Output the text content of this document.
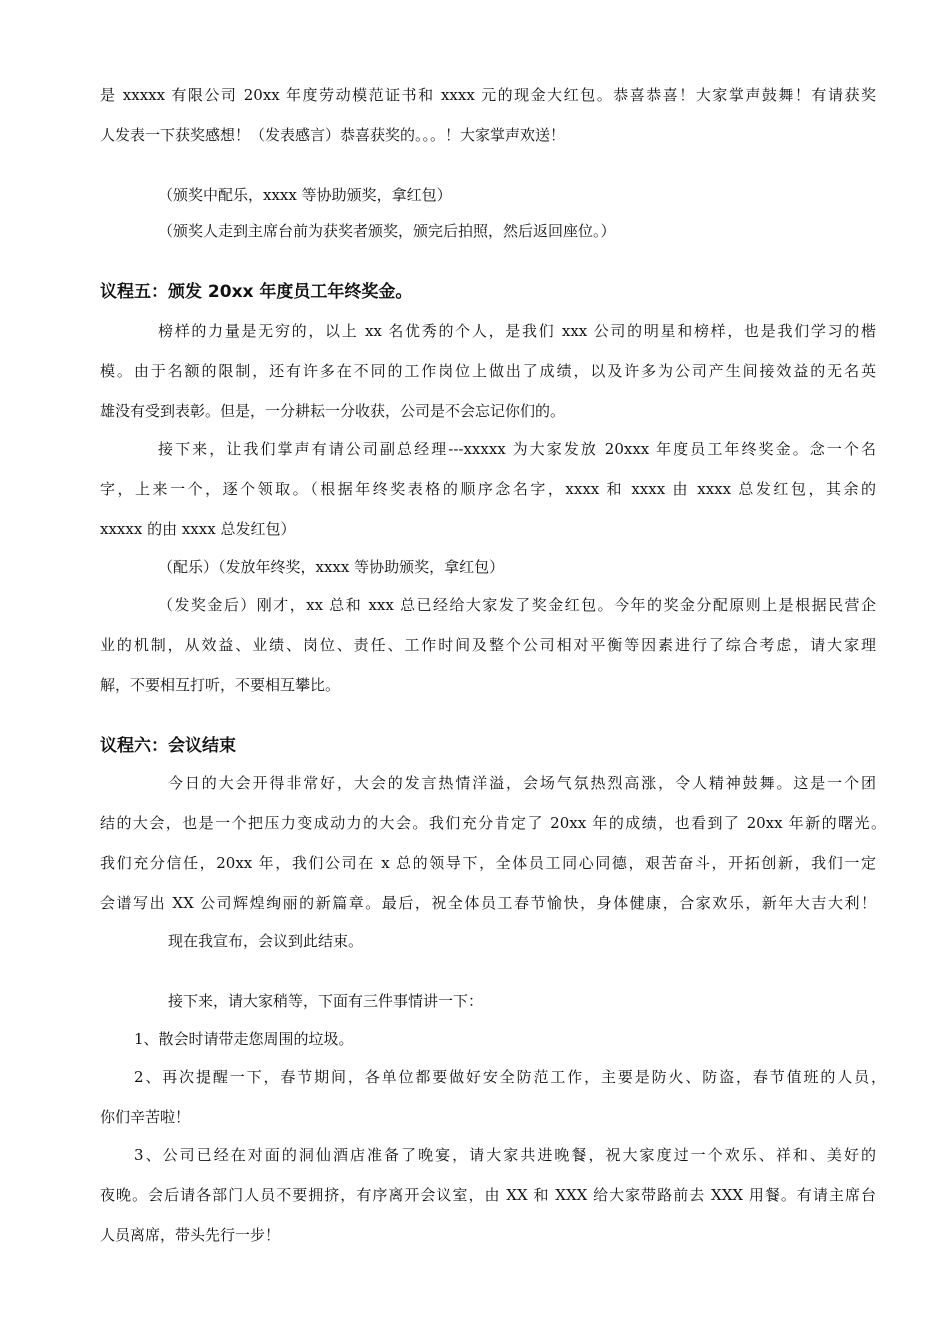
是 xxxxx 有限公司 20xx 年度劳动模范证书和 xxxx 元的现金大红包。恭喜恭喜！大家掌声鼓舞！有请获奖
人发表一下获奖感想！（发表感言）恭喜获奖的。。。！大家掌声欢送！
（颁奖中配乐，xxxx 等协助颁奖，拿红包）
（颁奖人走到主席台前为获奖者颁奖，颁完后拍照，然后返回座位。）
议程五：颁发 20xx 年度员工年终奖金。
榜样的力量是无穷的，以上 xx 名优秀的个人，是我们 xxx 公司的明星和榜样，也是我们学习的楷
模。由于名额的限制，还有许多在不同的工作岗位上做出了成绩，以及许多为公司产生间接效益的无名英
雄没有受到表彰。但是，一分耕耘一分收获，公司是不会忘记你们的。
接下来，让我们掌声有请公司副总经理---xxxxx 为大家发放 20xxx 年度员工年终奖金。念一个名
字，上来一个，逐个领取。（根据年终奖表格的顺序念名字，xxxx 和 xxxx 由 xxxx 总发红包，其余的
xxxxx 的由 xxxx 总发红包）
（配乐）（发放年终奖，xxxx 等协助颁奖，拿红包）
（发奖金后）刚才，xx 总和 xxx 总已经给大家发了奖金红包。今年的奖金分配原则上是根据民营企
业的机制，从效益、业绩、岗位、责任、工作时间及整个公司相对平衡等因素进行了综合考虑，请大家理
解，不要相互打听，不要相互攀比。
议程六：会议结束
今日的大会开得非常好，大会的发言热情洋溢，会场气氛热烈高涨，令人精神鼓舞。这是一个团
结的大会，也是一个把压力变成动力的大会。我们充分肯定了 20xx 年的成绩，也看到了 20xx 年新的曙光。
我们充分信任，20xx 年，我们公司在 x 总的领导下，全体员工同心同德，艰苦奋斗，开拓创新，我们一定
会谱写出 XX 公司辉煌绚丽的新篇章。最后，祝全体员工春节愉快，身体健康，合家欢乐，新年大吉大利！
现在我宣布，会议到此结束。
接下来，请大家稍等，下面有三件事情讲一下：
1、散会时请带走您周围的垃圾。
2、再次提醒一下，春节期间，各单位都要做好安全防范工作，主要是防火、防盗，春节值班的人员，
你们辛苦啦！
3、公司已经在对面的洞仙酒店准备了晚宴，请大家共进晚餐，祝大家度过一个欢乐、祥和、美好的
夜晚。会后请各部门人员不要拥挤，有序离开会议室，由 XX 和 XXX 给大家带路前去 XXX 用餐。有请主席台
人员离席，带头先行一步！
